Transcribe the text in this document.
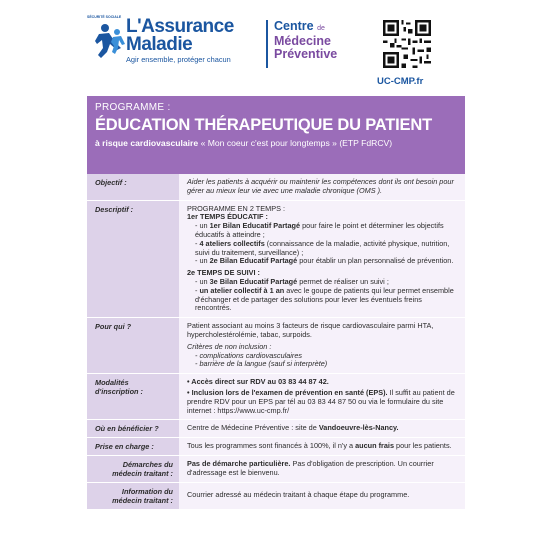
SÉCURITÉ SOCIALE L'Assurance
Maladie
Agir ensemble, protéger chacun
Centre de
Médecine
Préventive
UC-CMP.fr
PROGRAMME :
ÉDUCATION THÉRAPEUTIQUE DU PATIENT
à risque cardiovasculaire « Mon coeur c'est pour longtemps » (ETP FdRCV)
Objectif :	Aider les patients à acquérir ou maintenir les compétences dont ils ont besoin pour gérer au mieux leur vie avec une maladie chronique (OMS ).
Descriptif :	PROGRAMME EN 2 TEMPS :
1er TEMPS ÉDUCATIF :
- un 1er Bilan Educatif Partagé pour faire le point et déterminer les objectifs éducatifs à atteindre ;
- 4 ateliers collectifs (connaissance de la maladie, activité physique, nutrition, suivi du traitement, surveillance) ;
- un 2e Bilan Educatif Partagé pour établir un plan personnalisé de prévention.
2e TEMPS DE SUIVI :
- un 3e Bilan Educatif Partagé permet de réaliser un suivi ;
- un atelier collectif à 1 an avec le goupe de patients qui leur permet ensemble d'échanger et de partager des solutions pour lever les éventuels freins rencontrés.
Pour qui ?	Patient associant au moins 3 facteurs de risque cardiovasculaire parmi HTA, hypercholestérolémie, tabac, surpoids.
Critères de non inclusion :
- complications cardiovasculaires
- barrière de la langue (sauf si interprète)
Modalités d'inscription :
• Accès direct sur RDV au 03 83 44 87 42.
• Inclusion lors de l'examen de prévention en santé (EPS). Il suffit au patient de prendre RDV pour un EPS par tél au 03 83 44 87 50 ou via le formulaire du site internet : https://www.uc-cmp.fr/
Où en bénéficier ?	Centre de Médecine Préventive : site de Vandoeuvre-lès-Nancy.
Prise en charge :	Tous les programmes sont financés à 100%, il n'y a aucun frais pour les patients.
Démarches du médecin traitant :
Pas de démarche particulière. Pas d'obligation de prescription. Un courrier d'adressage est le bienvenu.
Information du médecin traitant :
Courrier adressé au médecin traitant à chaque étape du programme.
